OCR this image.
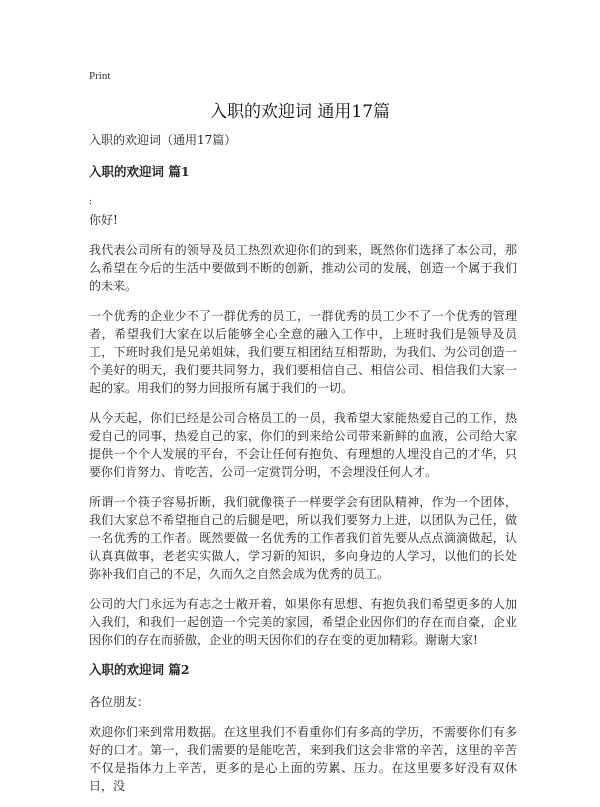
Print
入职的欢迎词 通用17篇

入职的欢迎词（通用17篇）

入职的欢迎词 篇1

:

你好!

我代表公司所有的领导及员工热烈欢迎你们的到来，既然你们选择了本公司，那么希望在今后的生活中要做到不断的创新，推动公司的发展，创造一个属于我们的未来。

一个优秀的企业少不了一群优秀的员工，一群优秀的员工少不了一个优秀的管理者，希望我们大家在以后能够全心全意的融入工作中，上班时我们是领导及员工，下班时我们是兄弟姐妹，我们要互相团结互相帮助，为我们、为公司创造一个美好的明天，我们要共同努力，我们要相信自己、相信公司、相信我们大家一起的家。用我们的努力回报所有属于我们的一切。

从今天起，你们已经是公司合格员工的一员，我希望大家能热爱自己的工作，热爱自己的同事，热爱自己的家，你们的到来给公司带来新鲜的血液，公司给大家提供一个个人发展的平台，不会让任何有抱负、有理想的人埋没自己的才华，只要你们肯努力、肯吃苦，公司一定赏罚分明，不会埋没任何人才。

所谓一个筷子容易折断，我们就像筷子一样要学会有团队精神，作为一个团体，我们大家总不希望拖自己的后腿是吧，所以我们要努力上进，以团队为己任，做一名优秀的工作者。既然要做一名优秀的工作者我们首先要从点点滴滴做起，认认真真做事，老老实实做人，学习新的知识，多向身边的人学习，以他们的长处弥补我们自己的不足，久而久之自然会成为优秀的员工。

公司的大门永远为有志之士敞开着，如果你有思想、有抱负我们希望更多的人加入我们，和我们一起创造一个完美的家园，希望企业因你们的存在而自豪，企业因你们的存在而骄傲，企业的明天因你们的存在变的更加精彩。谢谢大家!

入职的欢迎词 篇2

各位朋友：

欢迎你们来到常用数据。在这里我们不看重你们有多高的学历，不需要你们有多好的口才。第一，我们需要的是能吃苦，来到我们这会非常的辛苦，这里的辛苦不仅是指体力上辛苦，更多的是心上面的劳累、压力。在这里要多好没有双休日，没
